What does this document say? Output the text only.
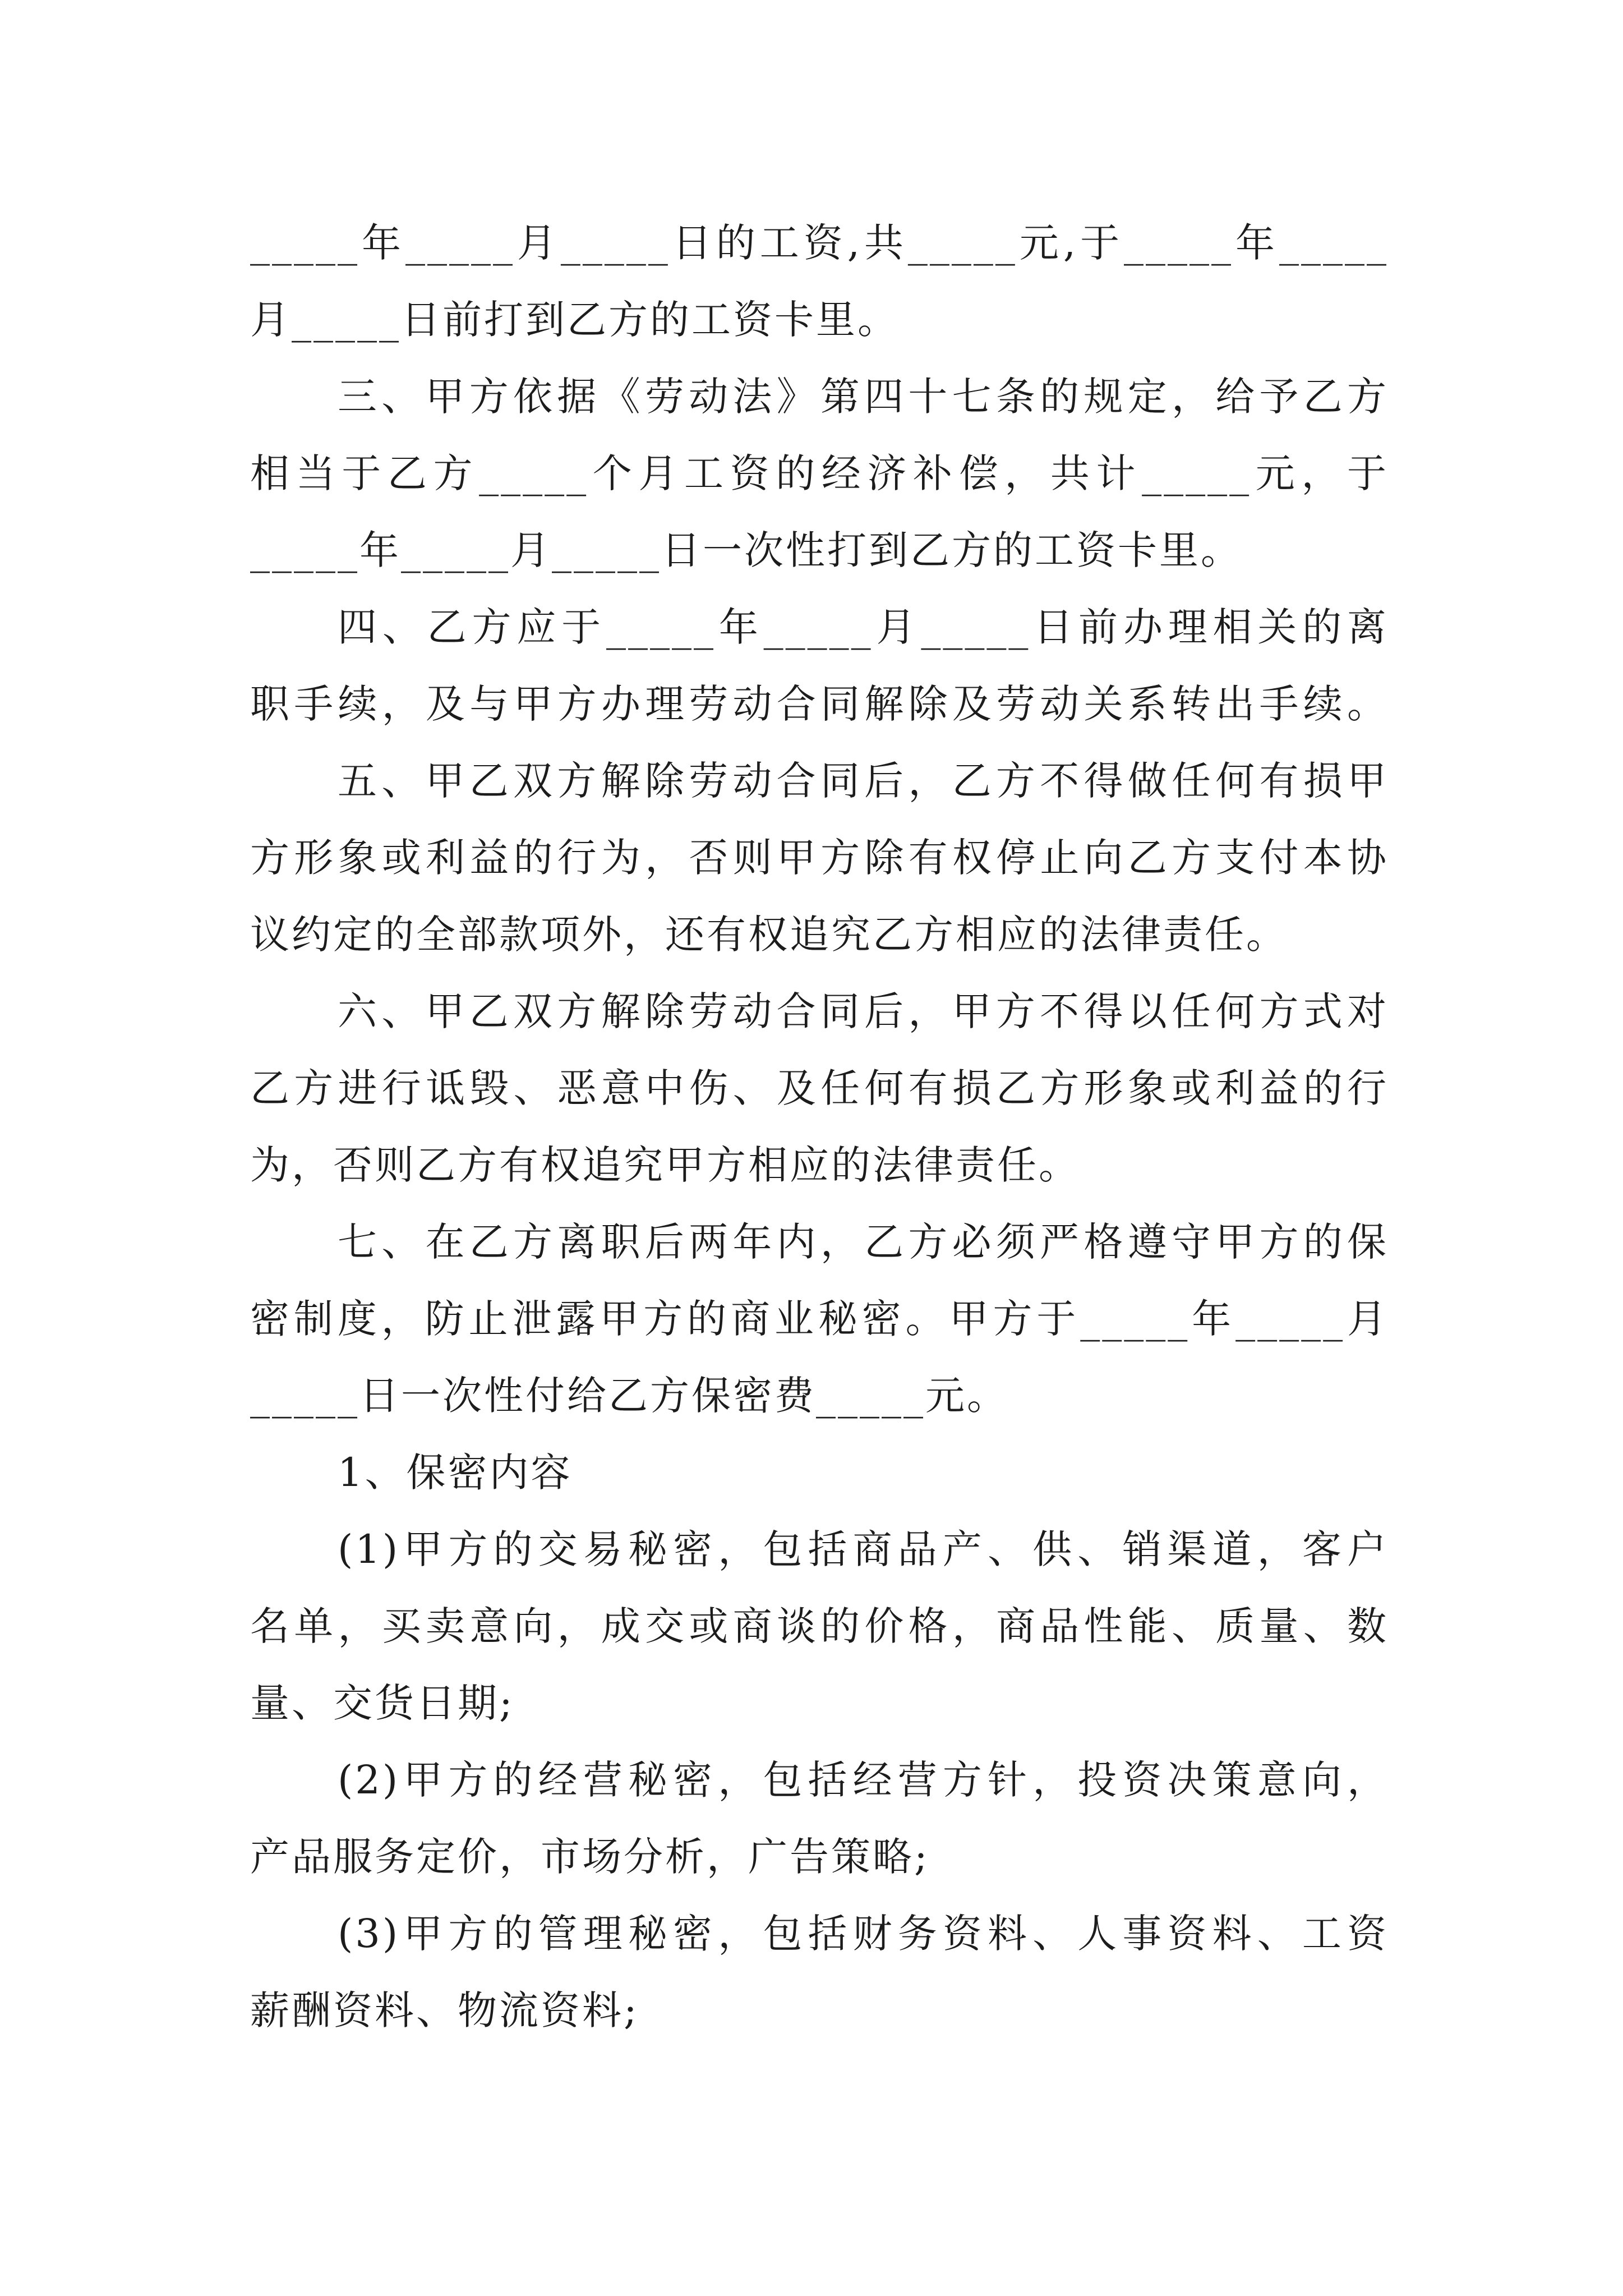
_____年_____月_____日的工资,共_____元,于_____年_____
月_____日前打到乙方的工资卡里。
三、甲方依据《劳动法》第四十七条的规定，给予乙方
相当于乙方_____个月工资的经济补偿，共计_____元，于
_____年_____月_____日一次性打到乙方的工资卡里。
四、乙方应于_____年_____月_____日前办理相关的离
职手续，及与甲方办理劳动合同解除及劳动关系转出手续。
五、甲乙双方解除劳动合同后，乙方不得做任何有损甲
方形象或利益的行为，否则甲方除有权停止向乙方支付本协
议约定的全部款项外，还有权追究乙方相应的法律责任。
六、甲乙双方解除劳动合同后，甲方不得以任何方式对
乙方进行诋毁、恶意中伤、及任何有损乙方形象或利益的行
为，否则乙方有权追究甲方相应的法律责任。
七、在乙方离职后两年内，乙方必须严格遵守甲方的保
密制度，防止泄露甲方的商业秘密。甲方于_____年_____月
_____日一次性付给乙方保密费_____元。
1、保密内容
(1)甲方的交易秘密，包括商品产、供、销渠道，客户
名单，买卖意向，成交或商谈的价格，商品性能、质量、数
量、交货日期;
(2)甲方的经营秘密，包括经营方针，投资决策意向，
产品服务定价，市场分析，广告策略;
(3)甲方的管理秘密，包括财务资料、人事资料、工资
薪酬资料、物流资料;
